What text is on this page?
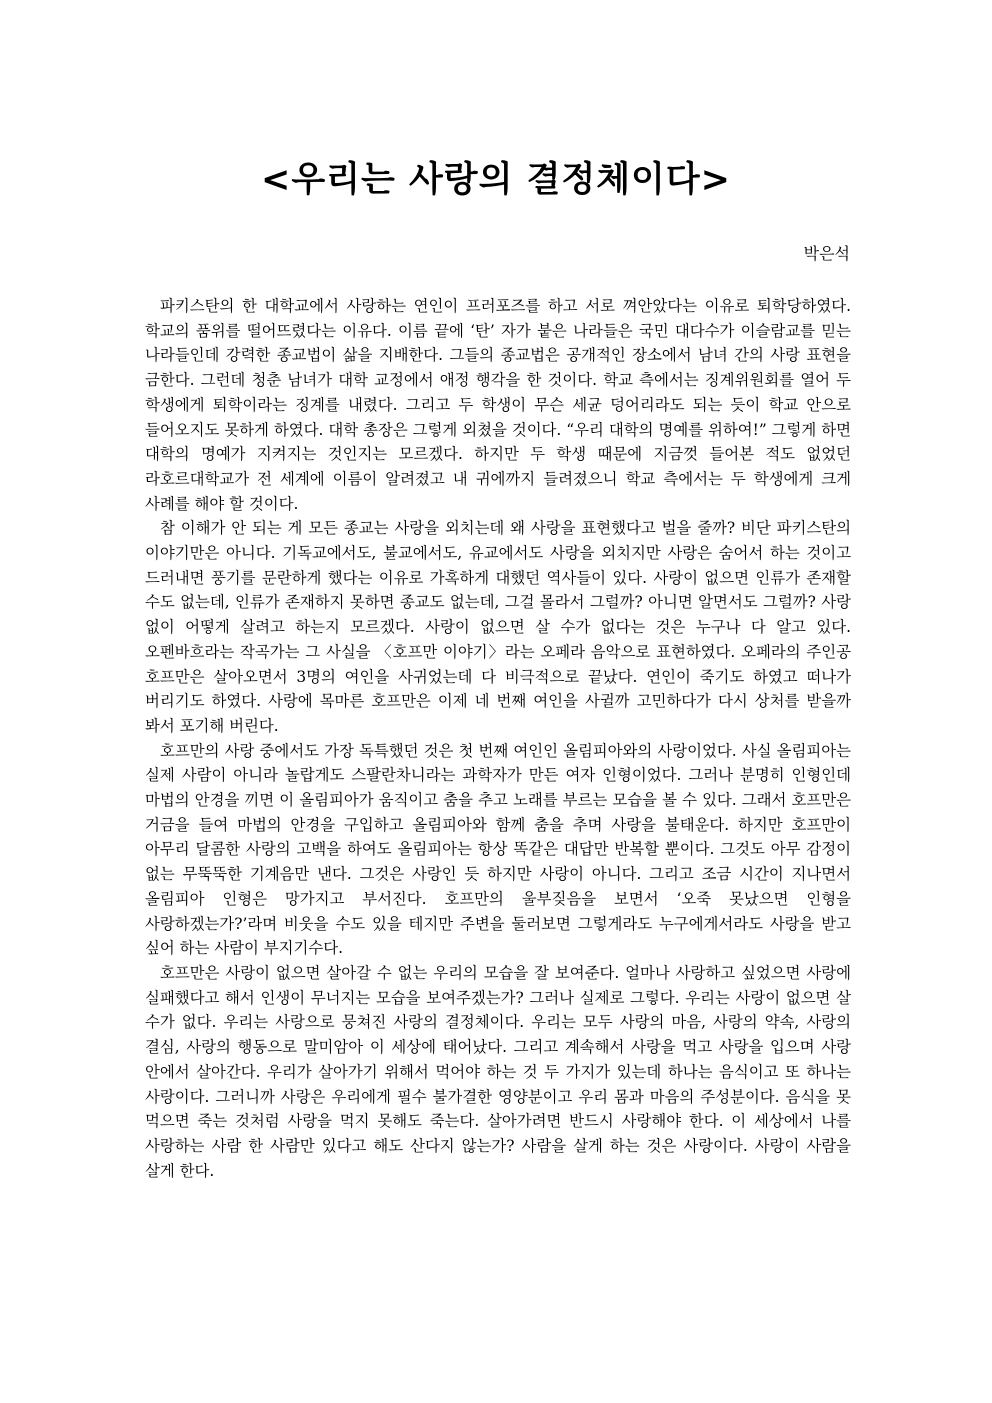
<우리는 사랑의 결정체이다>
박은석

파키스탄의 한 대학교에서 사랑하는 연인이 프러포즈를 하고 서로 껴안았다는 이유로 퇴학당하였다. 학교의 품위를 떨어뜨렸다는 이유다. 이름 끝에 ‘탄’ 자가 붙은 나라들은 국민 대다수가 이슬람교를 믿는 나라들인데 강력한 종교법이 삶을 지배한다. 그들의 종교법은 공개적인 장소에서 남녀 간의 사랑 표현을 금한다. 그런데 청춘 남녀가 대학 교정에서 애정 행각을 한 것이다. 학교 측에서는 징계위원회를 열어 두 학생에게 퇴학이라는 징계를 내렸다. 그리고 두 학생이 무슨 세균 덩어리라도 되는 듯이 학교 안으로 들어오지도 못하게 하였다. 대학 총장은 그렇게 외쳤을 것이다. “우리 대학의 명예를 위하여!” 그렇게 하면 대학의 명예가 지켜지는 것인지는 모르겠다. 하지만 두 학생 때문에 지금껏 들어본 적도 없었던 라호르대학교가 전 세계에 이름이 알려졌고 내 귀에까지 들려졌으니 학교 측에서는 두 학생에게 크게 사례를 해야 할 것이다.

참 이해가 안 되는 게 모든 종교는 사랑을 외치는데 왜 사랑을 표현했다고 벌을 줄까? 비단 파키스탄의 이야기만은 아니다. 기독교에서도, 불교에서도, 유교에서도 사랑을 외치지만 사랑은 숨어서 하는 것이고 드러내면 풍기를 문란하게 했다는 이유로 가혹하게 대했던 역사들이 있다. 사랑이 없으면 인류가 존재할 수도 없는데, 인류가 존재하지 못하면 종교도 없는데, 그걸 몰라서 그럴까? 아니면 알면서도 그럴까? 사랑 없이 어떻게 살려고 하는지 모르겠다. 사랑이 없으면 살 수가 없다는 것은 누구나 다 알고 있다. 오펜바흐라는 작곡가는 그 사실을 〈호프만 이야기〉라는 오페라 음악으로 표현하였다. 오페라의 주인공 호프만은 살아오면서 3명의 여인을 사귀었는데 다 비극적으로 끝났다. 연인이 죽기도 하였고 떠나가 버리기도 하였다. 사랑에 목마른 호프만은 이제 네 번째 여인을 사귈까 고민하다가 다시 상처를 받을까 봐서 포기해 버린다.

호프만의 사랑 중에서도 가장 독특했던 것은 첫 번째 여인인 올림피아와의 사랑이었다. 사실 올림피아는 실제 사람이 아니라 놀랍게도 스팔란차니라는 과학자가 만든 여자 인형이었다. 그러나 분명히 인형인데 마법의 안경을 끼면 이 올림피아가 움직이고 춤을 추고 노래를 부르는 모습을 볼 수 있다. 그래서 호프만은 거금을 들여 마법의 안경을 구입하고 올림피아와 함께 춤을 추며 사랑을 불태운다. 하지만 호프만이 아무리 달콤한 사랑의 고백을 하여도 올림피아는 항상 똑같은 대답만 반복할 뿐이다. 그것도 아무 감정이 없는 무뚝뚝한 기계음만 낸다. 그것은 사랑인 듯 하지만 사랑이 아니다. 그리고 조금 시간이 지나면서 올림피아 인형은 망가지고 부서진다. 호프만의 울부짖음을 보면서 ‘오죽 못났으면 인형을 사랑하겠는가?’라며 비웃을 수도 있을 테지만 주변을 둘러보면 그렇게라도 누구에게서라도 사랑을 받고 싶어 하는 사람이 부지기수다.

호프만은 사랑이 없으면 살아갈 수 없는 우리의 모습을 잘 보여준다. 얼마나 사랑하고 싶었으면 사랑에 실패했다고 해서 인생이 무너지는 모습을 보여주겠는가? 그러나 실제로 그렇다. 우리는 사랑이 없으면 살 수가 없다. 우리는 사랑으로 뭉쳐진 사랑의 결정체이다. 우리는 모두 사랑의 마음, 사랑의 약속, 사랑의 결심, 사랑의 행동으로 말미암아 이 세상에 태어났다. 그리고 계속해서 사랑을 먹고 사랑을 입으며 사랑 안에서 살아간다. 우리가 살아가기 위해서 먹어야 하는 것 두 가지가 있는데 하나는 음식이고 또 하나는 사랑이다. 그러니까 사랑은 우리에게 필수 불가결한 영양분이고 우리 몸과 마음의 주성분이다. 음식을 못 먹으면 죽는 것처럼 사랑을 먹지 못해도 죽는다. 살아가려면 반드시 사랑해야 한다. 이 세상에서 나를 사랑하는 사람 한 사람만 있다고 해도 산다지 않는가? 사람을 살게 하는 것은 사랑이다. 사랑이 사람을 살게 한다.
